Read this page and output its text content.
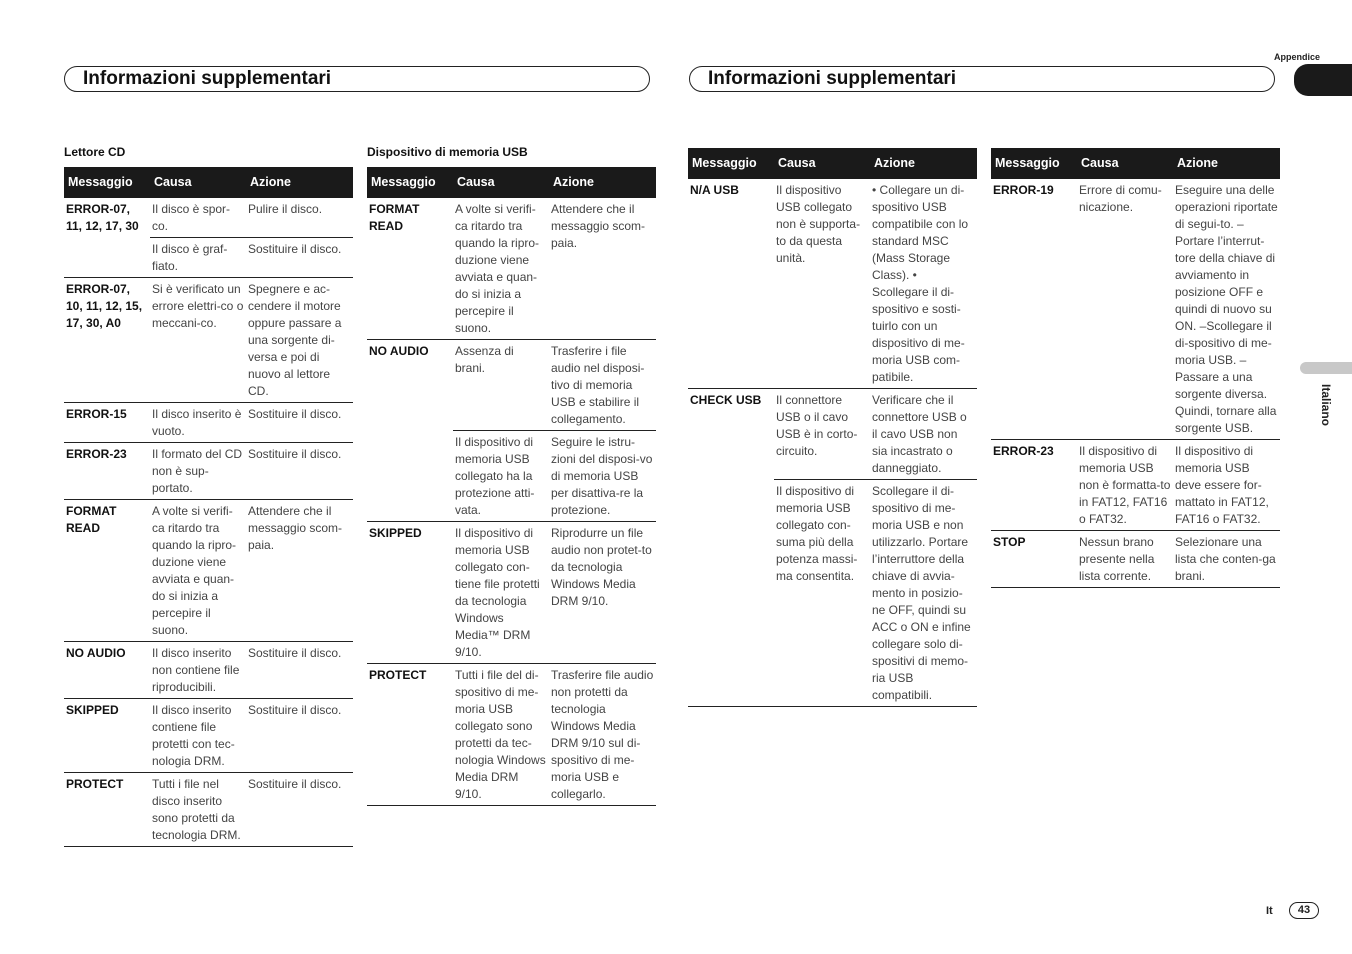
Informazioni supplementari	Informazioni supplementari
Appendice
Italiano
Lettore CD
Messaggio	Causa	Azione
ERROR-07, 11, 12, 17, 30	Il disco è spor-co.	Pulire il disco.
	Il disco è graf-fiato.	Sostituire il disco.
ERROR-07, 10, 11, 12, 15, 17, 30, A0	Si è verificato un errore elettri-co o meccani-co.	Spegnere e ac-cendere il motore oppure passare a una sorgente di-versa e poi di nuovo al lettore CD.
ERROR-15	Il disco inserito è vuoto.	Sostituire il disco.
ERROR-23	Il formato del CD non è sup-portato.	Sostituire il disco.
FORMAT READ	A volte si verifi-ca ritardo tra quando la ripro-duzione viene avviata e quan-do si inizia a percepire il suono.	Attendere che il messaggio scom-paia.
NO AUDIO	Il disco inserito non contiene file riproducibili.	Sostituire il disco.
SKIPPED	Il disco inserito contiene file protetti con tec-nologia DRM.	Sostituire il disco.
PROTECT	Tutti i file nel disco inserito sono protetti da tecnologia DRM.	Sostituire il disco.
Dispositivo di memoria USB
Messaggio	Causa	Azione
FORMAT READ	A volte si verifi-ca ritardo tra quando la ripro-duzione viene avviata e quan-do si inizia a percepire il suono.	Attendere che il messaggio scom-paia.
NO AUDIO	Assenza di brani.	Trasferire i file audio nel disposi-tivo di memoria USB e stabilire il collegamento.
	Il dispositivo di memoria USB collegato ha la protezione atti-vata.	Seguire le istru-zioni del disposi-vo di memoria USB per disattiva-re la protezione.
SKIPPED	Il dispositivo di memoria USB collegato con-tiene file protetti da tecnologia Windows Media™ DRM 9/10.	Riprodurre un file audio non protet-to da tecnologia Windows Media DRM 9/10.
PROTECT	Tutti i file del di-spositivo di me-moria USB collegato sono protetti da tec-nologia Windows Media DRM 9/10.	Trasferire file audio non protetti da tecnologia Windows Media DRM 9/10 sul di-spositivo di me-moria USB e collegarlo.
Messaggio	Causa	Azione
N/A USB	Il dispositivo USB collegato non è supporta-to da questa unità.	• Collegare un di-spositivo USB compatibile con lo standard MSC (Mass Storage Class). • Scollegare il di-spositivo e sosti-tuirlo con un dispositivo di me-moria USB com-patibile.
CHECK USB	Il connettore USB o il cavo USB è in corto-circuito.	Verificare che il connettore USB o il cavo USB non sia incastrato o danneggiato.
	Il dispositivo di memoria USB collegato con-suma più della potenza massi-ma consentita.	Scollegare il di-spositivo di me-moria USB e non utilizzarlo. Portare l’interruttore della chiave di avvia-mento in posizio-ne OFF, quindi su ACC o ON e infine collegare solo di-spositivi di memo-ria USB compatibili.
Messaggio	Causa	Azione
ERROR-19	Errore di comu-nicazione.	Eseguire una delle operazioni riportate di segui-to. –Portare l’interrut-tore della chiave di avviamento in posizione OFF e quindi di nuovo su ON. –Scollegare il di-spositivo di me-moria USB. –Passare a una sorgente diversa. Quindi, tornare alla sorgente USB.
ERROR-23	Il dispositivo di memoria USB non è formatta-to in FAT12, FAT16 o FAT32.	Il dispositivo di memoria USB deve essere for-mattato in FAT12, FAT16 o FAT32.
STOP	Nessun brano presente nella lista corrente.	Selezionare una lista che conten-ga brani.
It	43
